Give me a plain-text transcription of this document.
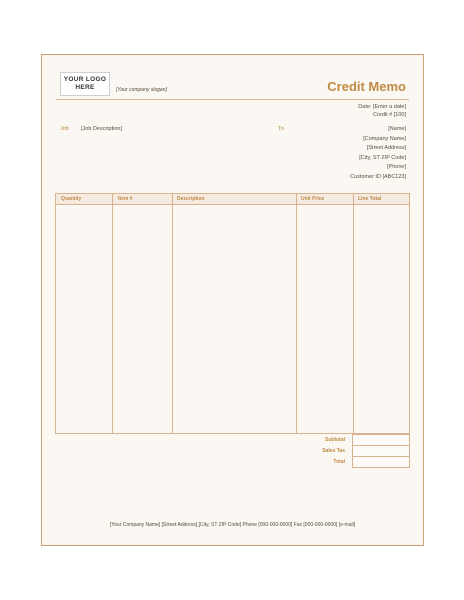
YOUR LOGO
HERE	[Your company slogan]	Credit Memo
Date: [Enter a date]
Credit # [100]
Job [Job Description]	To	[Name]
[Company Name]
[Street Address]
[City, ST ZIP Code]
[Phone]
Customer ID [ABC123]
Quantity	Item #	Description	Unit Price	Line Total
Subtotal
Sales Tax
Total
[Your Company Name] [Street Address],[City, ST ZIP Code] Phone [000-000-0000] Fax [000-000-0000] [e-mail]
